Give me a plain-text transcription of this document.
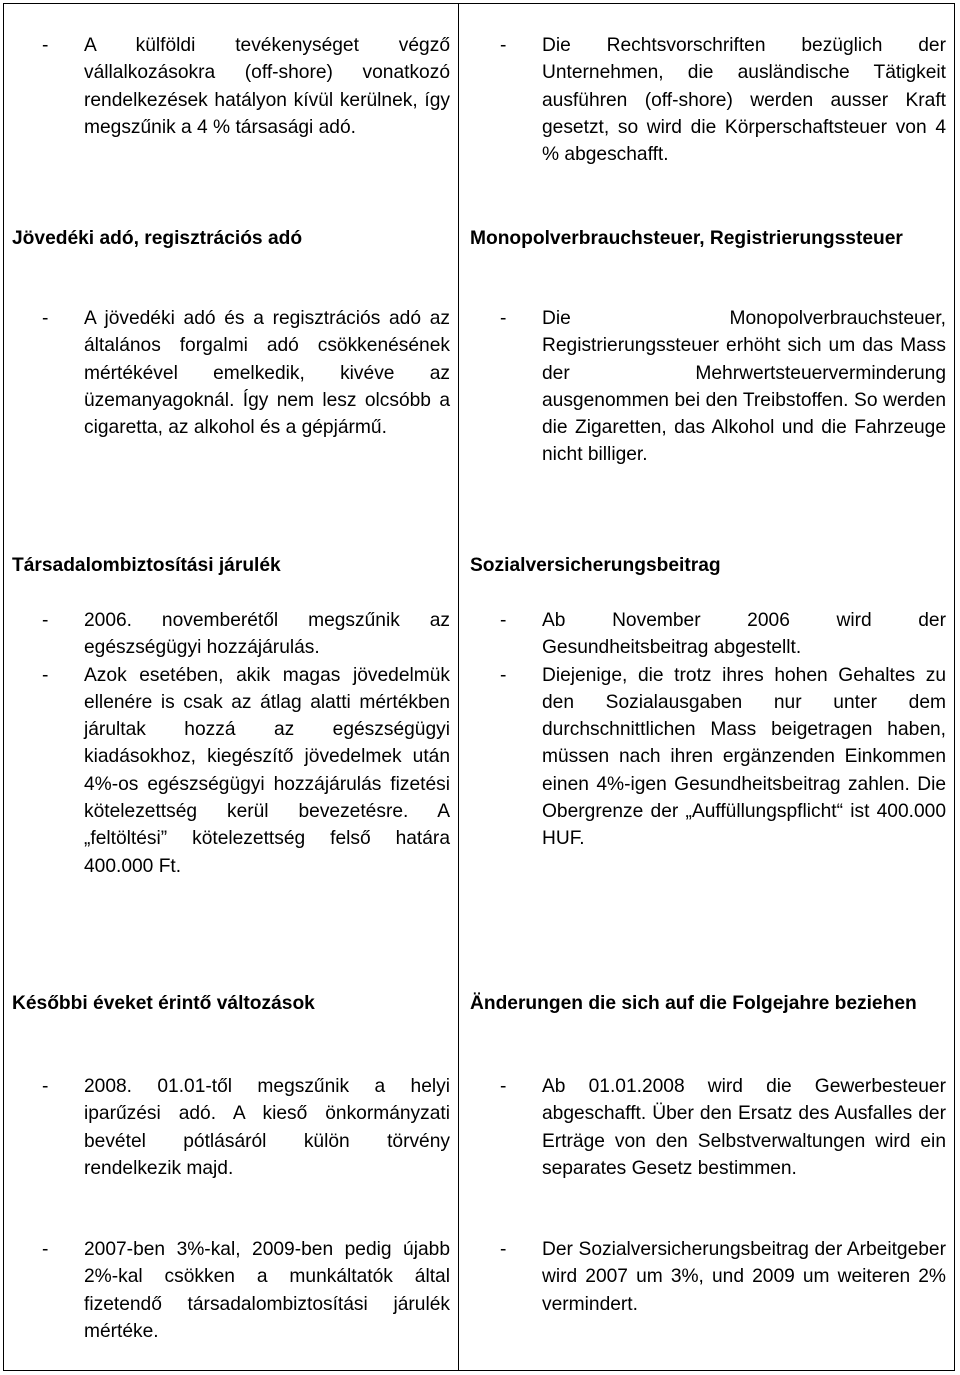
- A külföldi tevékenységet végző vállalkozásokra (off-shore) vonatkozó rendelkezések hatályon kívül kerülnek, így megszűnik a 4 % társasági adó.
Jövedéki adó, regisztrációs adó
- A jövedéki adó és a regisztrációs adó az általános forgalmi adó csökkenésének mértékével emelkedik, kivéve az üzemanyagoknál. Így nem lesz olcsóbb a cigaretta, az alkohol és a gépjármű.
Társadalombiztosítási járulék
- 2006. novemberétől megszűnik az egészségügyi hozzájárulás.
- Azok esetében, akik magas jövedelmük ellenére is csak az átlag alatti mértékben járultak hozzá az egészségügyi kiadásokhoz, kiegészítő jövedelmek után 4%-os egészségügyi hozzájárulás fizetési kötelezettség kerül bevezetésre. A „feltöltési” kötelezettség felső határa 400.000 Ft.
Későbbi éveket érintő változások
- 2008. 01.01-től megszűnik a helyi iparűzési adó. A kieső önkormányzati bevétel pótlásáról külön törvény rendelkezik majd.
- 2007-ben 3%-kal, 2009-ben pedig újabb 2%-kal csökken a munkáltatók által fizetendő társadalombiztosítási járulék mértéke.
- Die Rechtsvorschriften bezüglich der Unternehmen, die ausländische Tätigkeit ausführen (off-shore) werden ausser Kraft gesetzt, so wird die Körperschaftsteuer von 4 % abgeschafft.
Monopolverbrauchsteuer, Registrierungssteuer
- Die Monopolverbrauchsteuer, Registrierungssteuer erhöht sich um das Mass der Mehrwertsteuerverminderung ausgenommen bei den Treibstoffen. So werden die Zigaretten, das Alkohol und die Fahrzeuge nicht billiger.
Sozialversicherungsbeitrag
- Ab November 2006 wird der Gesundheitsbeitrag abgestellt.
- Diejenige, die trotz ihres hohen Gehaltes zu den Sozialausgaben nur unter dem durchschnittlichen Mass beigetragen haben, müssen nach ihren ergänzenden Einkommen einen 4%-igen Gesundheitsbeitrag zahlen. Die Obergrenze der „Auffüllungspflicht“ ist 400.000 HUF.
Änderungen die sich auf die Folgejahre beziehen
- Ab 01.01.2008 wird die Gewerbesteuer abgeschafft. Über den Ersatz des Ausfalles der Erträge von den Selbstverwaltungen wird ein separates Gesetz bestimmen.
- Der Sozialversicherungsbeitrag der Arbeitgeber wird 2007 um 3%, und 2009 um weiteren 2% vermindert.
